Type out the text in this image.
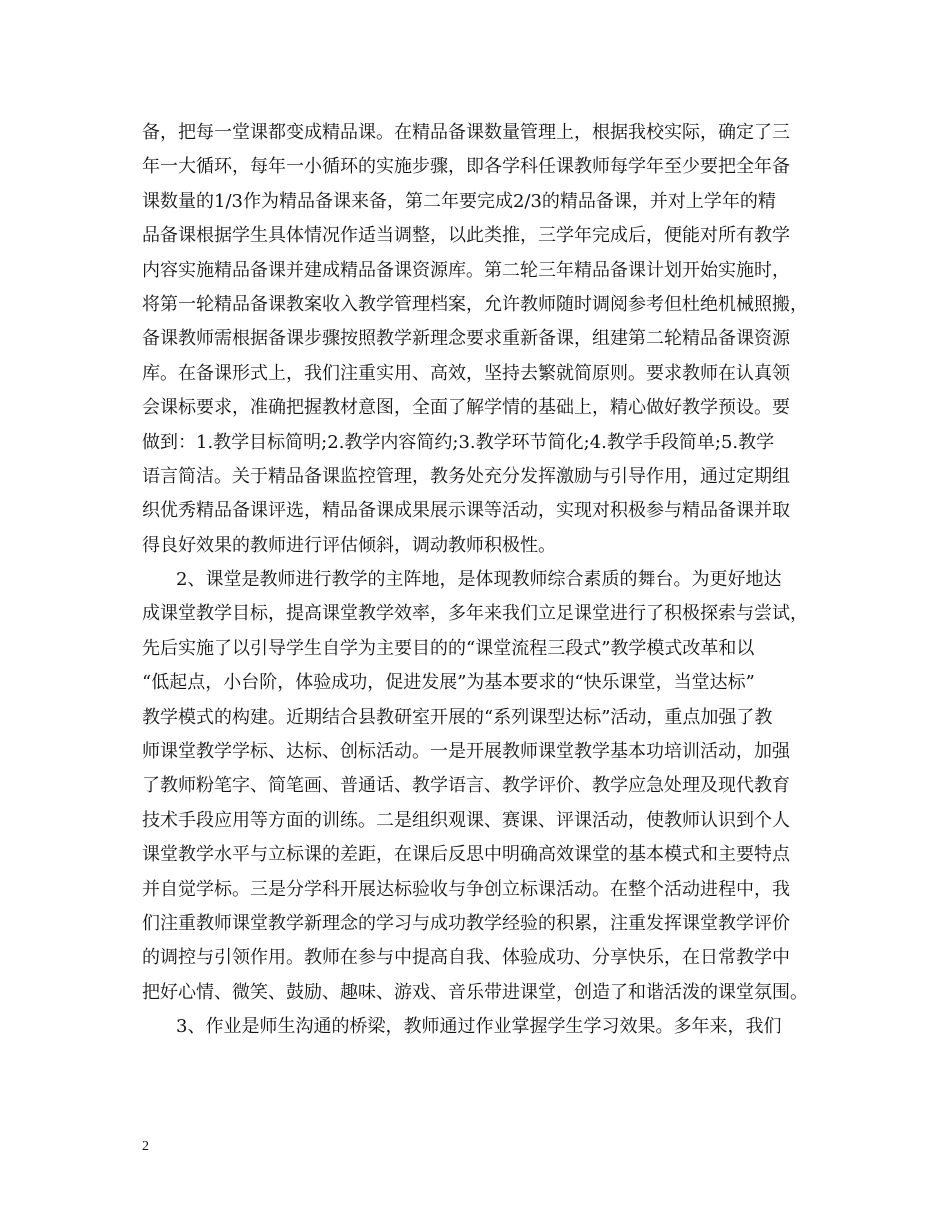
备，把每一堂课都变成精品课。在精品备课数量管理上，根据我校实际，确定了三
年一大循环，每年一小循环的实施步骤，即各学科任课教师每学年至少要把全年备
课数量的1/3作为精品备课来备，第二年要完成2/3的精品备课，并对上学年的精
品备课根据学生具体情况作适当调整，以此类推，三学年完成后，便能对所有教学
内容实施精品备课并建成精品备课资源库。第二轮三年精品备课计划开始实施时，
将第一轮精品备课教案收入教学管理档案，允许教师随时调阅参考但杜绝机械照搬，
备课教师需根据备课步骤按照教学新理念要求重新备课，组建第二轮精品备课资源
库。在备课形式上，我们注重实用、高效，坚持去繁就简原则。要求教师在认真领
会课标要求，准确把握教材意图，全面了解学情的基础上，精心做好教学预设。要
做到：1.教学目标简明;2.教学内容简约;3.教学环节简化;4.教学手段简单;5.教学
语言简洁。关于精品备课监控管理，教务处充分发挥激励与引导作用，通过定期组
织优秀精品备课评选，精品备课成果展示课等活动，实现对积极参与精品备课并取
得良好效果的教师进行评估倾斜，调动教师积极性。
2、课堂是教师进行教学的主阵地，是体现教师综合素质的舞台。为更好地达
成课堂教学目标，提高课堂教学效率，多年来我们立足课堂进行了积极探索与尝试，
先后实施了以引导学生自学为主要目的的“课堂流程三段式”教学模式改革和以
“低起点，小台阶，体验成功，促进发展”为基本要求的“快乐课堂，当堂达标”
教学模式的构建。近期结合县教研室开展的“系列课型达标”活动，重点加强了教
师课堂教学学标、达标、创标活动。一是开展教师课堂教学基本功培训活动，加强
了教师粉笔字、简笔画、普通话、教学语言、教学评价、教学应急处理及现代教育
技术手段应用等方面的训练。二是组织观课、赛课、评课活动，使教师认识到个人
课堂教学水平与立标课的差距，在课后反思中明确高效课堂的基本模式和主要特点
并自觉学标。三是分学科开展达标验收与争创立标课活动。在整个活动进程中，我
们注重教师课堂教学新理念的学习与成功教学经验的积累，注重发挥课堂教学评价
的调控与引领作用。教师在参与中提高自我、体验成功、分享快乐，在日常教学中
把好心情、微笑、鼓励、趣味、游戏、音乐带进课堂，创造了和谐活泼的课堂氛围。
3、作业是师生沟通的桥梁，教师通过作业掌握学生学习效果。多年来，我们
2
